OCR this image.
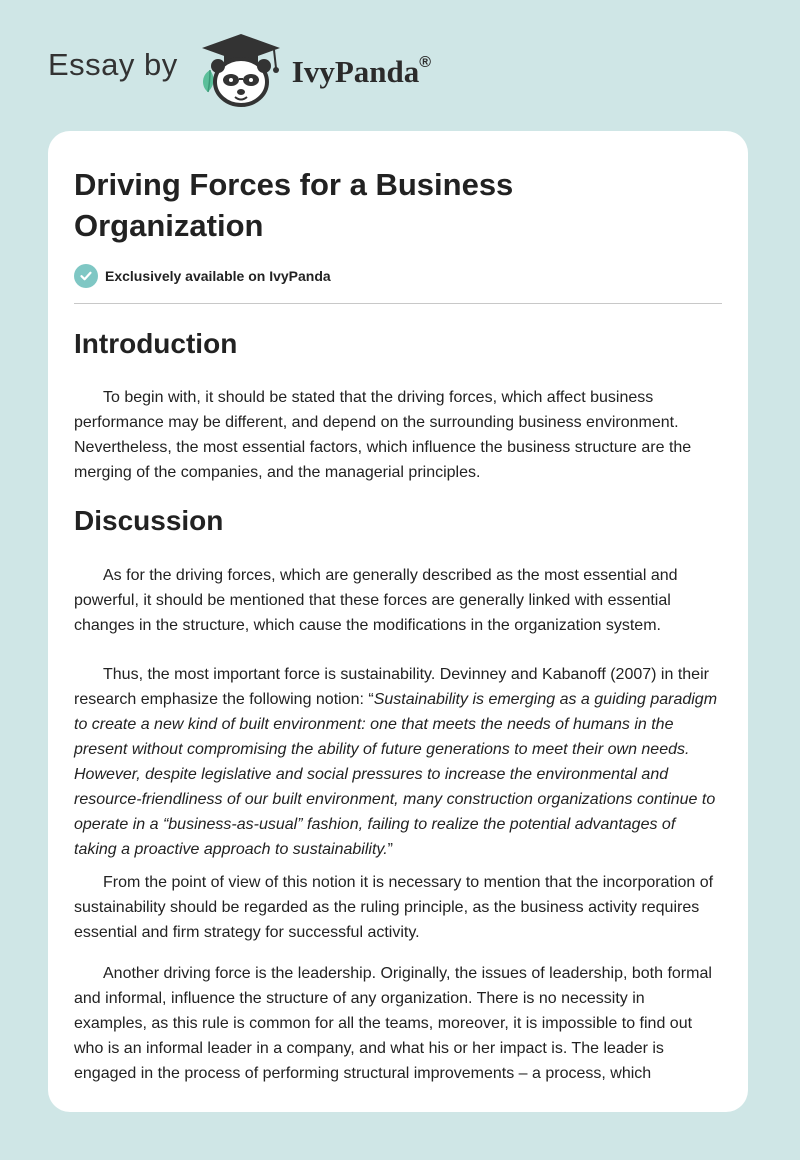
Essay by	IvyPanda®
Driving Forces for a Business Organization
Exclusively available on IvyPanda
Introduction

To begin with, it should be stated that the driving forces, which affect business performance may be different, and depend on the surrounding business environment. Nevertheless, the most essential factors, which influence the business structure are the merging of the companies, and the managerial principles.

Discussion

As for the driving forces, which are generally described as the most essential and powerful, it should be mentioned that these forces are generally linked with essential changes in the structure, which cause the modifications in the organization system.

Thus, the most important force is sustainability. Devinney and Kabanoff (2007) in their research emphasize the following notion: “Sustainability is emerging as a guiding paradigm to create a new kind of built environment: one that meets the needs of humans in the present without compromising the ability of future generations to meet their own needs. However, despite legislative and social pressures to increase the environmental and resource-friendliness of our built environment, many construction organizations continue to operate in a “business-as-usual” fashion, failing to realize the potential advantages of taking a proactive approach to sustainability.”

From the point of view of this notion it is necessary to mention that the incorporation of sustainability should be regarded as the ruling principle, as the business activity requires essential and firm strategy for successful activity.

Another driving force is the leadership. Originally, the issues of leadership, both formal and informal, influence the structure of any organization. There is no necessity in examples, as this rule is common for all the teams, moreover, it is impossible to find out who is an informal leader in a company, and what his or her impact is. The leader is engaged in the process of performing structural improvements – a process, which
